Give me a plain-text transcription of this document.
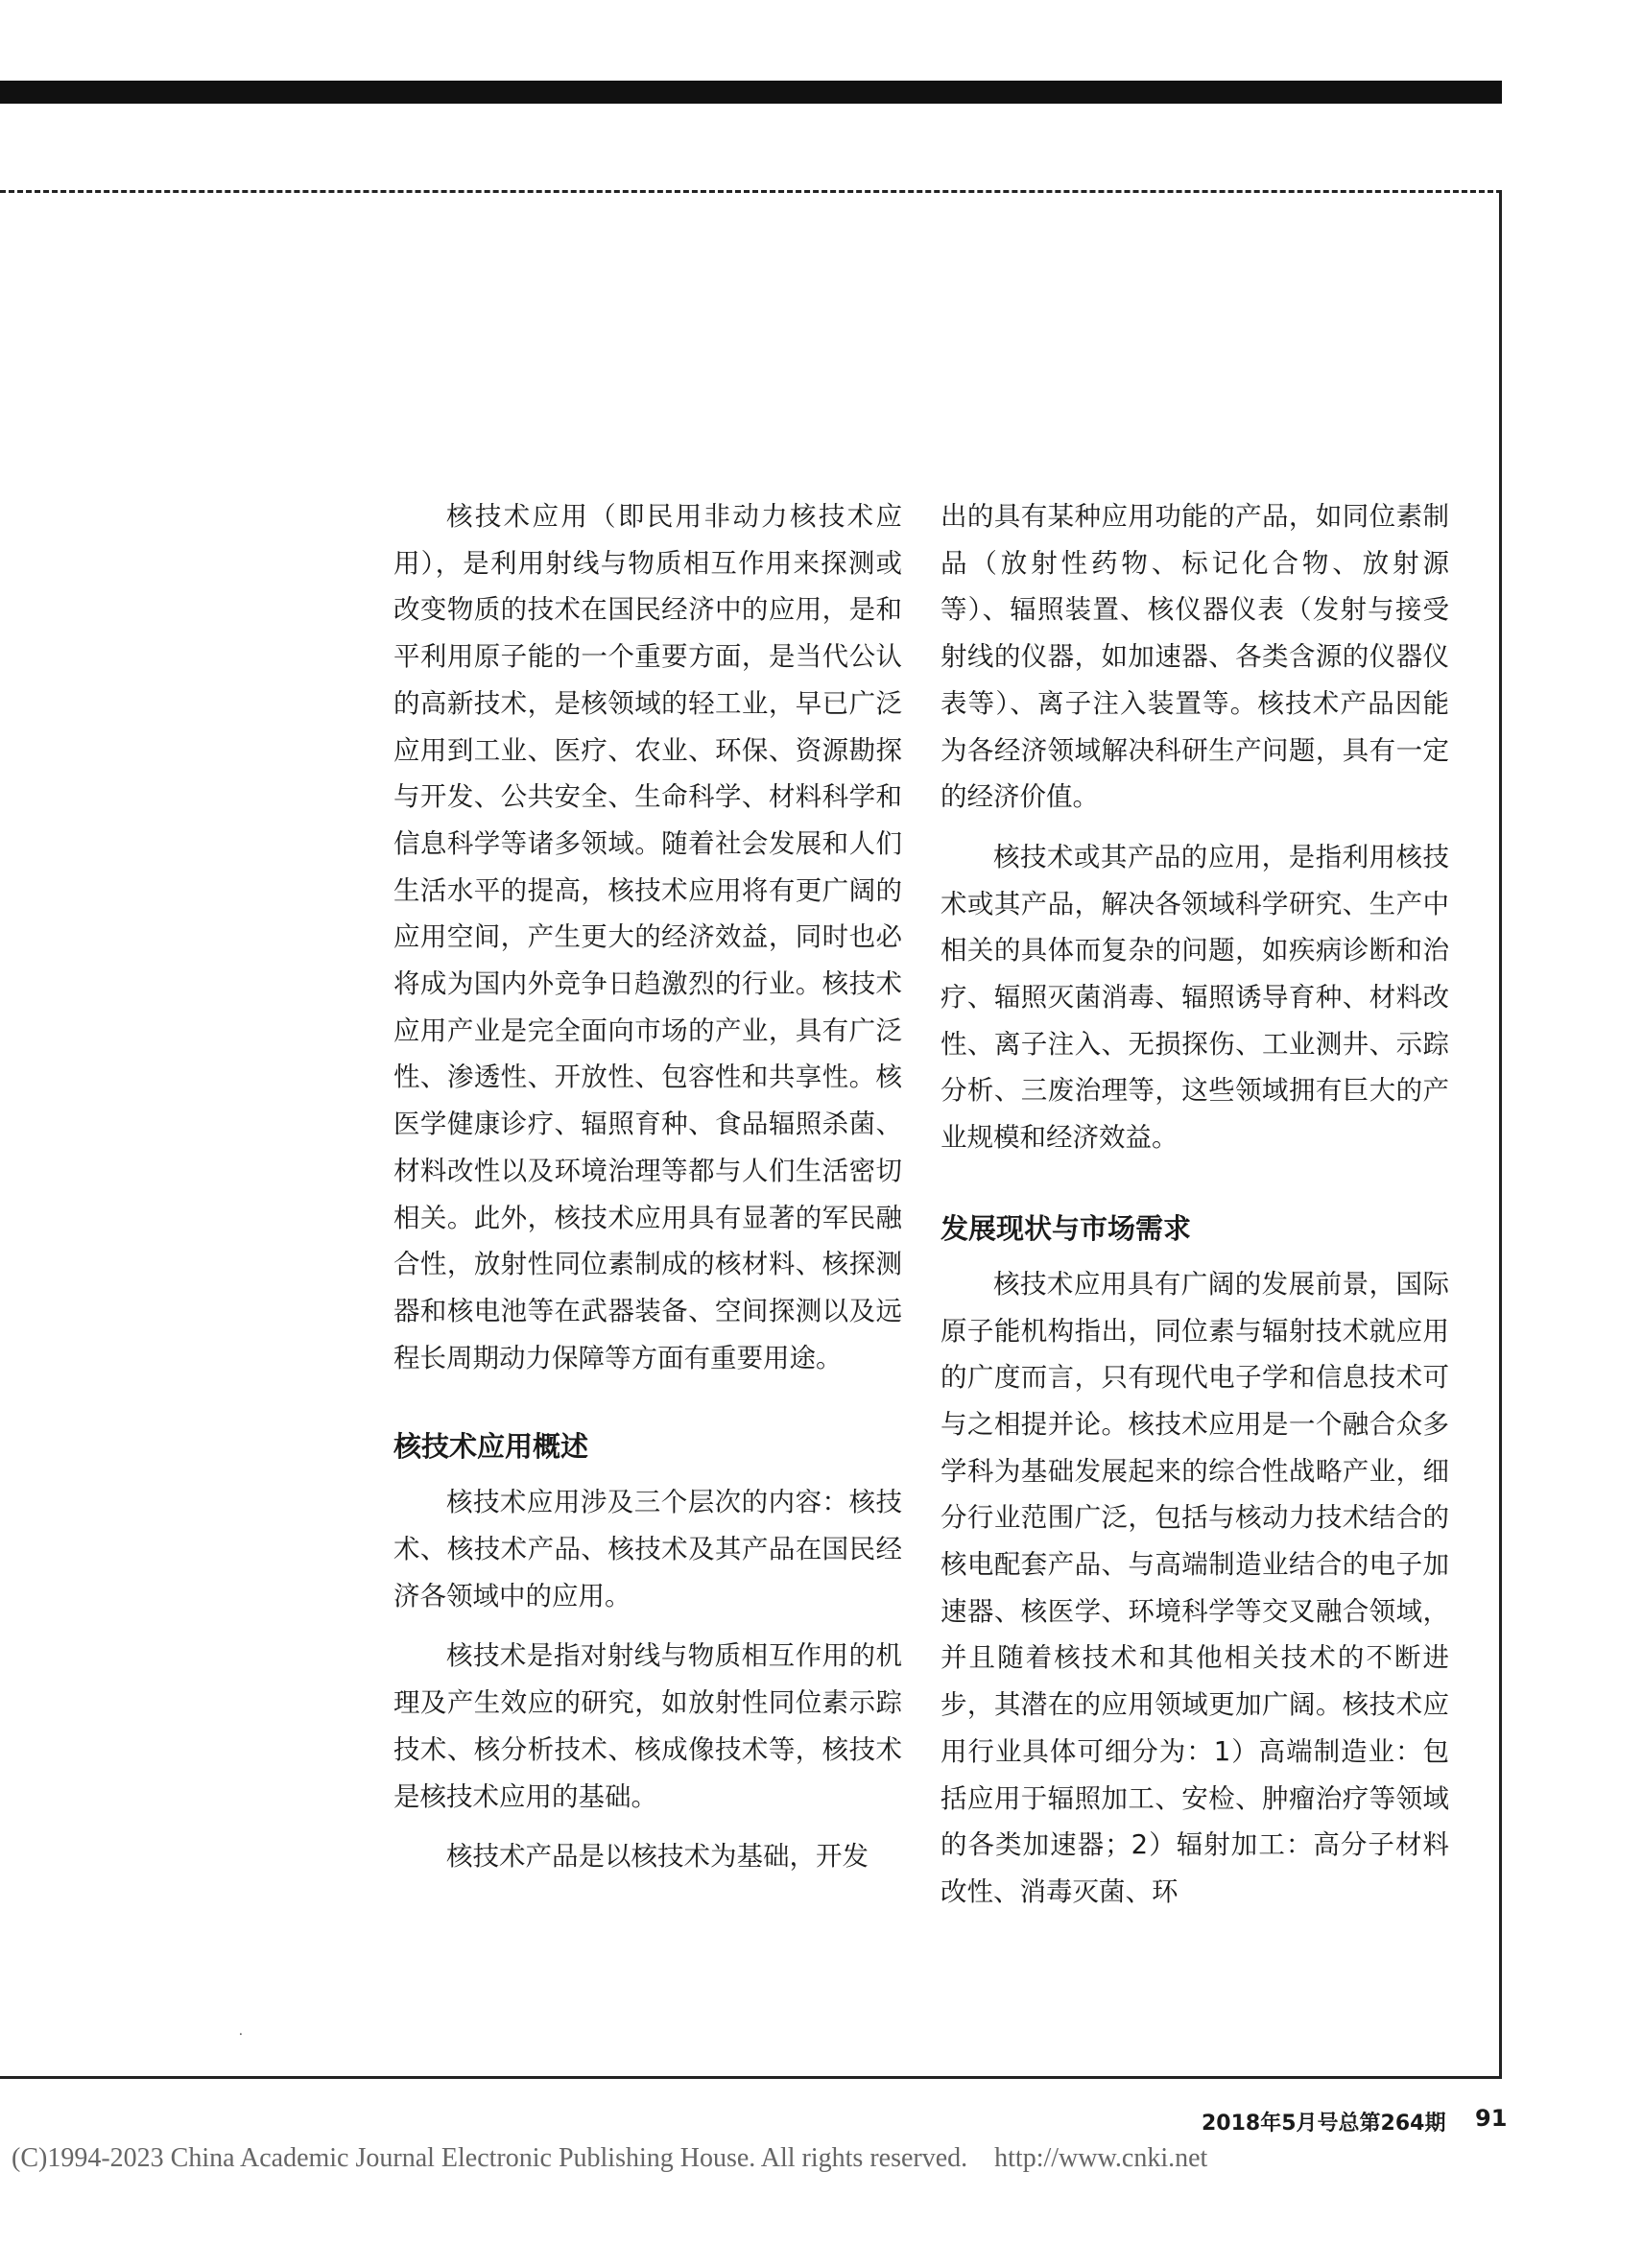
核技术应用（即民用非动力核技术应用），是利用射线与物质相互作用来探测或改变物质的技术在国民经济中的应用，是和平利用原子能的一个重要方面，是当代公认的高新技术，是核领域的轻工业，早已广泛应用到工业、医疗、农业、环保、资源勘探与开发、公共安全、生命科学、材料科学和信息科学等诸多领域。随着社会发展和人们生活水平的提高，核技术应用将有更广阔的应用空间，产生更大的经济效益，同时也必将成为国内外竞争日趋激烈的行业。核技术应用产业是完全面向市场的产业，具有广泛性、渗透性、开放性、包容性和共享性。核医学健康诊疗、辐照育种、食品辐照杀菌、材料改性以及环境治理等都与人们生活密切相关。此外，核技术应用具有显著的军民融合性，放射性同位素制成的核材料、核探测器和核电池等在武器装备、空间探测以及远程长周期动力保障等方面有重要用途。

核技术应用概述

核技术应用涉及三个层次的内容：核技术、核技术产品、核技术及其产品在国民经济各领域中的应用。

核技术是指对射线与物质相互作用的机理及产生效应的研究，如放射性同位素示踪技术、核分析技术、核成像技术等，核技术是核技术应用的基础。

核技术产品是以核技术为基础，开发

出的具有某种应用功能的产品，如同位素制品（放射性药物、标记化合物、放射源等）、辐照装置、核仪器仪表（发射与接受射线的仪器，如加速器、各类含源的仪器仪表等）、离子注入装置等。核技术产品因能为各经济领域解决科研生产问题，具有一定的经济价值。

核技术或其产品的应用，是指利用核技术或其产品，解决各领域科学研究、生产中相关的具体而复杂的问题，如疾病诊断和治疗、辐照灭菌消毒、辐照诱导育种、材料改性、离子注入、无损探伤、工业测井、示踪分析、三废治理等，这些领域拥有巨大的产业规模和经济效益。

发展现状与市场需求

核技术应用具有广阔的发展前景，国际原子能机构指出，同位素与辐射技术就应用的广度而言，只有现代电子学和信息技术可与之相提并论。核技术应用是一个融合众多学科为基础发展起来的综合性战略产业，细分行业范围广泛，包括与核动力技术结合的核电配套产品、与高端制造业结合的电子加速器、核医学、环境科学等交叉融合领域，并且随着核技术和其他相关技术的不断进步，其潜在的应用领域更加广阔。核技术应用行业具体可细分为：1）高端制造业：包括应用于辐照加工、安检、肿瘤治疗等领域的各类加速器；2）辐射加工：高分子材料改性、消毒灭菌、环

⸱
2018年5月号总第264期 91
(C)1994-2023 China Academic Journal Electronic Publishing House. All rights reserved. http://www.cnki.net
